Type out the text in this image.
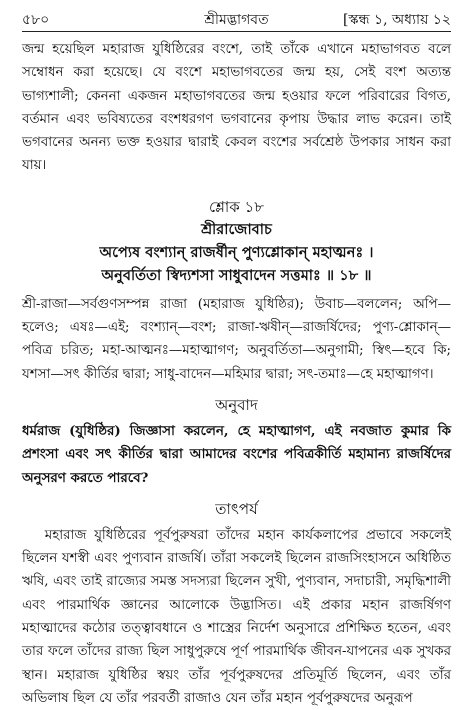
৫৮০	শ্রীমদ্ভাগবত	[স্কন্ধ ১, অধ্যায় ১২

জন্ম হয়েছিল মহারাজ যুধিষ্ঠিরের বংশে, তাই তাঁকে এখানে মহাভাগবত বলে সম্বোধন করা হয়েছে। যে বংশে মহাভাগবতের জন্ম হয়, সেই বংশ অত্যন্ত ভাগ্যশালী; কেননা একজন মহাভাগবতের জন্ম হওয়ার ফলে পরিবারের বিগত, বর্তমান এবং ভবিষ্যতের বংশধরগণ ভগবানের কৃপায় উদ্ধার লাভ করেন। তাই ভগবানের অনন্য ভক্ত হওয়ার দ্বারাই কেবল বংশের সর্বশ্রেষ্ঠ উপকার সাধন করা যায়।

শ্লোক ১৮

শ্রীরাজোবাচ

অপ্যেষ বংশ্যান্ রাজর্ষীন্ পুণ্যশ্লোকান্ মহাত্মনঃ ।

অনুবর্তিতা স্বিদ্যশসা সাধুবাদেন সত্তমাঃ ॥ ১৮ ॥

শ্রী-রাজা—সর্বগুণসম্পন্ন রাজা (মহারাজ যুধিষ্ঠির); উবাচ—বললেন; অপি—হলেও; এষঃ—এই; বংশ্যান্—বংশ; রাজা-ঋষীন্—রাজর্ষিদের; পুণ্য-শ্লোকান্—পবিত্র চরিত; মহা-আত্মনঃ—মহাত্মাগণ; অনুবর্তিতা—অনুগামী; স্বিৎ—হবে কি; যশসা—সৎ কীর্তির দ্বারা; সাধু-বাদেন—মহিমার দ্বারা; সৎ-তমাঃ—হে মহাত্মাগণ।

অনুবাদ

ধর্মরাজ (যুধিষ্ঠির) জিজ্ঞাসা করলেন, হে মহাত্মাগণ, এই নবজাত কুমার কি প্রশংসা এবং সৎ কীর্তির দ্বারা আমাদের বংশের পবিত্রকীর্তি মহামান্য রাজর্ষিদের অনুসরণ করতে পারবে?

তাৎপর্য

মহারাজ যুধিষ্ঠিরের পূর্বপুরুষরা তাঁদের মহান কার্যকলাপের প্রভাবে সকলেই ছিলেন যশস্বী এবং পুণ্যবান রাজর্ষি। তাঁরা সকলেই ছিলেন রাজসিংহাসনে অধিষ্ঠিত ঋষি, এবং তাই রাজ্যের সমস্ত সদস্যরা ছিলেন সুখী, পুণ্যবান, সদাচারী, সমৃদ্ধিশালী এবং পারমার্থিক জ্ঞানের আলোকে উদ্ভাসিত। এই প্রকার মহান রাজর্ষিগণ মহাত্মাদের কঠোর তত্ত্বাবধানে ও শাস্ত্রের নির্দেশ অনুসারে প্রশিক্ষিত হতেন, এবং তার ফলে তাঁদের রাজ্য ছিল সাধুপুরুষে পূর্ণ পারমার্থিক জীবন-যাপনের এক সুখকর স্থান। মহারাজ যুধিষ্ঠির স্বয়ং তাঁর পূর্বপুরুষদের প্রতিমূর্তি ছিলেন, এবং তাঁর অভিলাষ ছিল যে তাঁর পরবর্তী রাজাও যেন তাঁর মহান পূর্বপুরুষদের অনুরূপ
